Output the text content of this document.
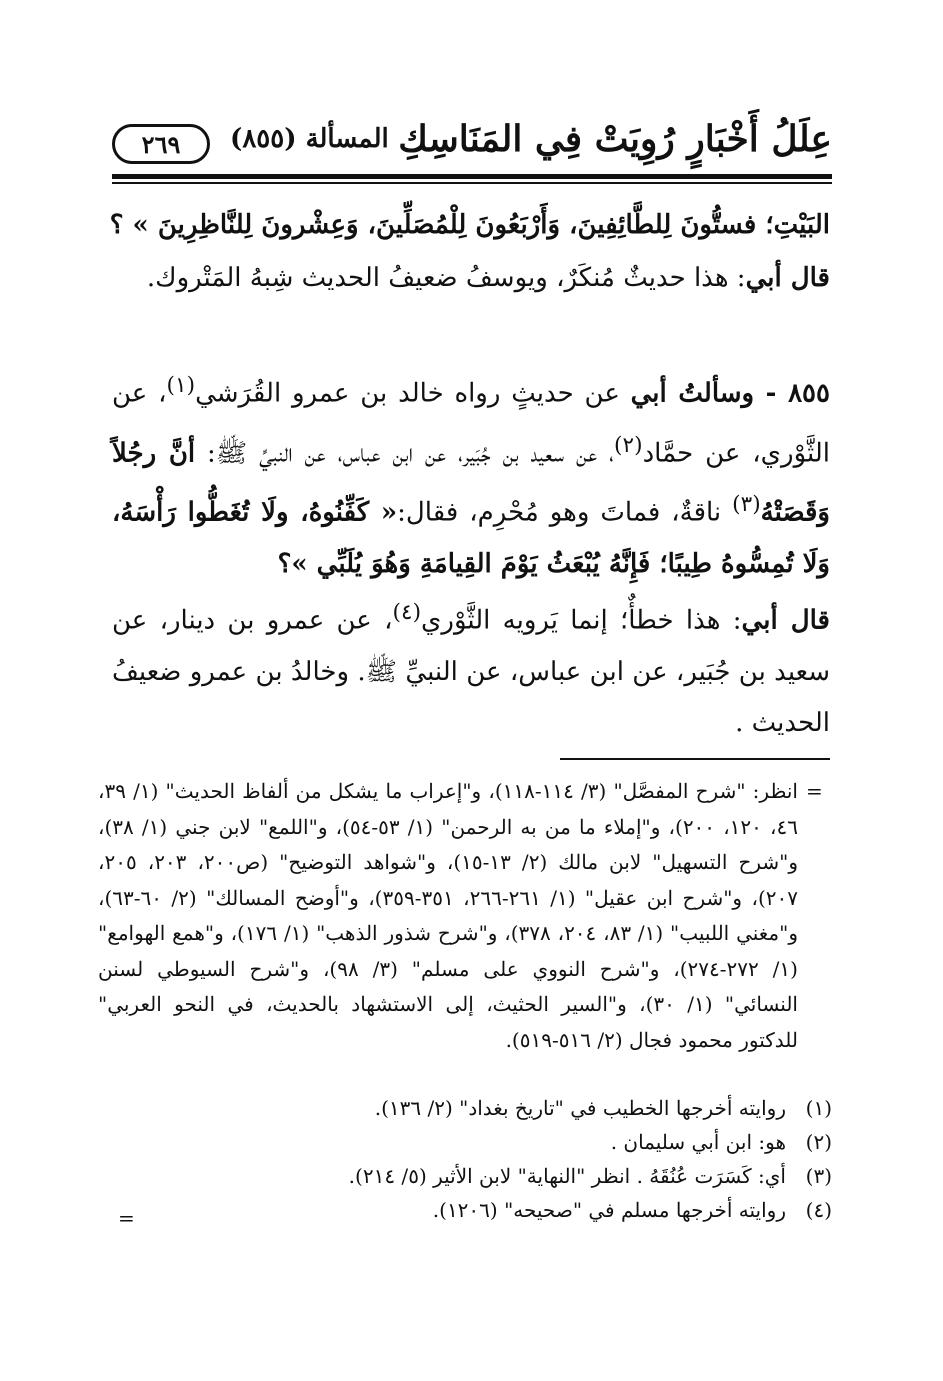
عِلَلُ أَخْبَارٍ رُوِيَتْ فِي المَنَاسِكِ
المسألة (٨٥٥)
٢٦٩
البَيْتِ؛ فستُّونَ لِلطَّائِفِينَ، وَأَرْبَعُونَ لِلْمُصَلِّينَ، وَعِشْرونَ لِلنَّاظِرِينَ » ؟
قال أبي: هذا حديثٌ مُنكَرٌ، ويوسفُ ضعيفُ الحديث شِبهُ المَتْروك.
٨٥٥ - وسألتُ أبي عن حديثٍ رواه خالد بن عمرو القُرَشي$^{(١)}$، عن الثَّوْري، عن حمَّاد$^{(٢)}$، عن سعيد بن جُبَير، عن ابن عباس، عن النبيِّ ﷺ: أنَّ رجُلاً وَقَصَتْهُ$^{(٣)}$ ناقةٌ، فماتَ وهو مُحْرِم، فقال:« كَفِّنُوهُ، ولَا تُغَطُّوا رَأْسَهُ، وَلَا تُمِسُّوهُ طِيبًا؛ فَإِنَّهُ يُبْعَثُ يَوْمَ القِيامَةِ وَهُوَ يُلَبِّي »؟
قال أبي: هذا خطأٌ؛ إنما يَرويه الثَّوْري$^{(٤)}$، عن عمرو بن دينار، عن سعيد بن جُبَير، عن ابن عباس، عن النبيِّ ﷺ. وخالدُ بن عمرو ضعيفُ الحديث .
=
انظر: "شرح المفصَّل" (٣/ ١١٤-١١٨)، و"إعراب ما يشكل من ألفاظ الحديث" (١/ ٣٩، ٤٦، ١٢٠، ٢٠٠)، و"إملاء ما من به الرحمن" (١/ ٥٣-٥٤)، و"اللمع" لابن جني (١/ ٣٨)، و"شرح التسهيل" لابن مالك (٢/ ١٣-١٥)، و"شواهد التوضيح" (ص٢٠٠، ٢٠٣، ٢٠٥، ٢٠٧)، و"شرح ابن عقيل" (١/ ٢٦١-٢٦٦، ٣٥١-٣٥٩)، و"أوضح المسالك" (٢/ ٦٠-٦٣)، و"مغني اللبيب" (١/ ٨٣، ٢٠٤، ٣٧٨)، و"شرح شذور الذهب" (١/ ١٧٦)، و"همع الهوامع" (١/ ٢٧٢-٢٧٤)، و"شرح النووي على مسلم" (٣/ ٩٨)، و"شرح السيوطي لسنن النسائي" (١/ ٣٠)، و"السير الحثيث، إلى الاستشهاد بالحديث، في النحو العربي" للدكتور محمود فجال (٢/ ٥١٦-٥١٩).
(١)
روايته أخرجها الخطيب في "تاريخ بغداد" (٢/ ١٣٦).
(٢)
هو: ابن أبي سليمان .
(٣)
أي: كَسَرَت عُنُقَهُ . انظر "النهاية" لابن الأثير (٥/ ٢١٤).
(٤)
روايته أخرجها مسلم في "صحيحه" (١٢٠٦).
=
